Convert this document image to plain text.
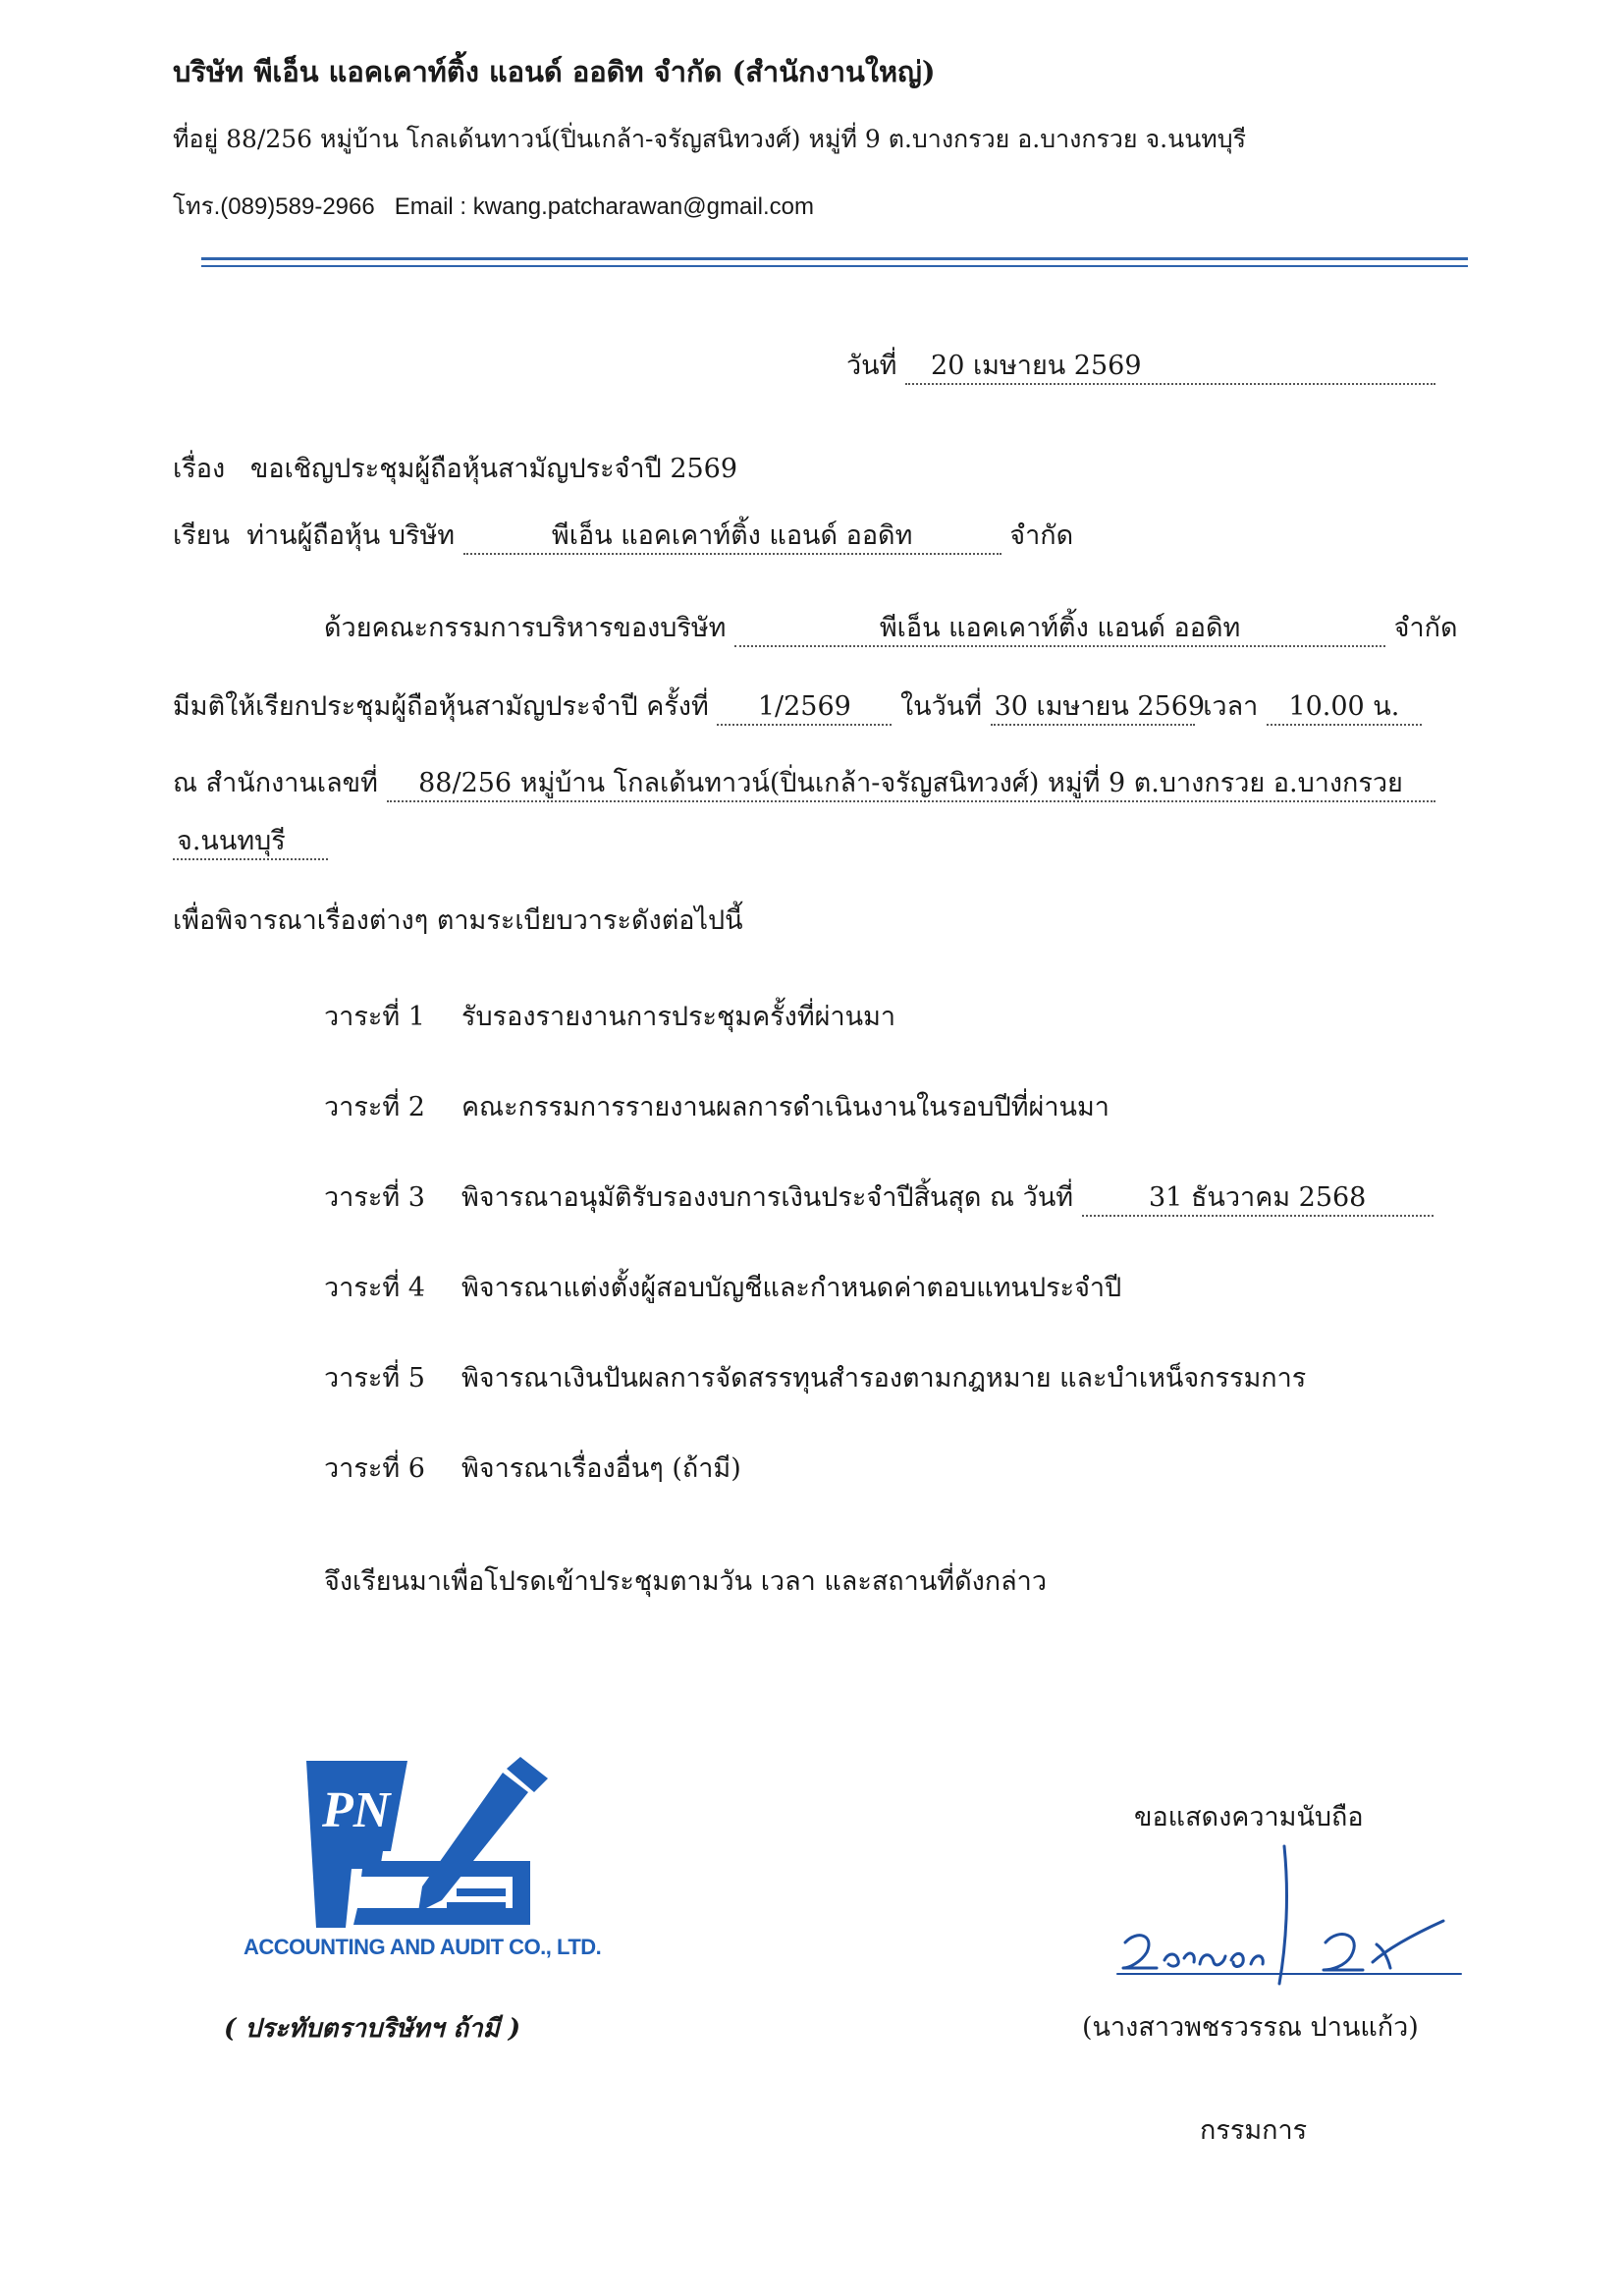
บริษัท พีเอ็น แอคเคาท์ติ้ง แอนด์ ออดิท จำกัด (สำนักงานใหญ่)
ที่อยู่ 88/256 หมู่บ้าน โกลเด้นทาวน์(ปิ่นเกล้า-จรัญสนิทวงศ์) หมู่ที่ 9 ต.บางกรวย อ.บางกรวย จ.นนทบุรี
โทร.(089)589-2966 Email : kwang.patcharawan@gmail.com
วันที่ 20 เมษายน 2569
เรื่อง ขอเชิญประชุมผู้ถือหุ้นสามัญประจำปี 2569
เรียน ท่านผู้ถือหุ้น บริษัท	พีเอ็น แอคเคาท์ติ้ง แอนด์ ออดิท	จำกัด
ด้วยคณะกรรมการบริหารของบริษัท	พีเอ็น แอคเคาท์ติ้ง แอนด์ ออดิท	จำกัด
มีมติให้เรียกประชุมผู้ถือหุ้นสามัญประจำปี ครั้งที่ 1/2569 ในวันที่ 30 เมษายน 2569 เวลา 10.00 น.
ณ สำนักงานเลขที่ 88/256 หมู่บ้าน โกลเด้นทาวน์(ปิ่นเกล้า-จรัญสนิทวงศ์) หมู่ที่ 9 ต.บางกรวย อ.บางกรวย
จ.นนทบุรี
เพื่อพิจารณาเรื่องต่างๆ ตามระเบียบวาระดังต่อไปนี้
วาระที่ 1 รับรองรายงานการประชุมครั้งที่ผ่านมา
วาระที่ 2 คณะกรรมการรายงานผลการดำเนินงานในรอบปีที่ผ่านมา
วาระที่ 3 พิจารณาอนุมัติรับรองงบการเงินประจำปีสิ้นสุด ณ วันที่	31 ธันวาคม 2568
วาระที่ 4 พิจารณาแต่งตั้งผู้สอบบัญชีและกำหนดค่าตอบแทนประจำปี
วาระที่ 5 พิจารณาเงินปันผลการจัดสรรทุนสำรองตามกฎหมาย และบำเหน็จกรรมการ
วาระที่ 6 พิจารณาเรื่องอื่นๆ (ถ้ามี)
จึงเรียนมาเพื่อโปรดเข้าประชุมตามวัน เวลา และสถานที่ดังกล่าว
PN
ACCOUNTING AND AUDIT CO., LTD.
( ประทับตราบริษัทฯ ถ้ามี )
ขอแสดงความนับถือ
(นางสาวพชรวรรณ ปานแก้ว)
กรรมการ
